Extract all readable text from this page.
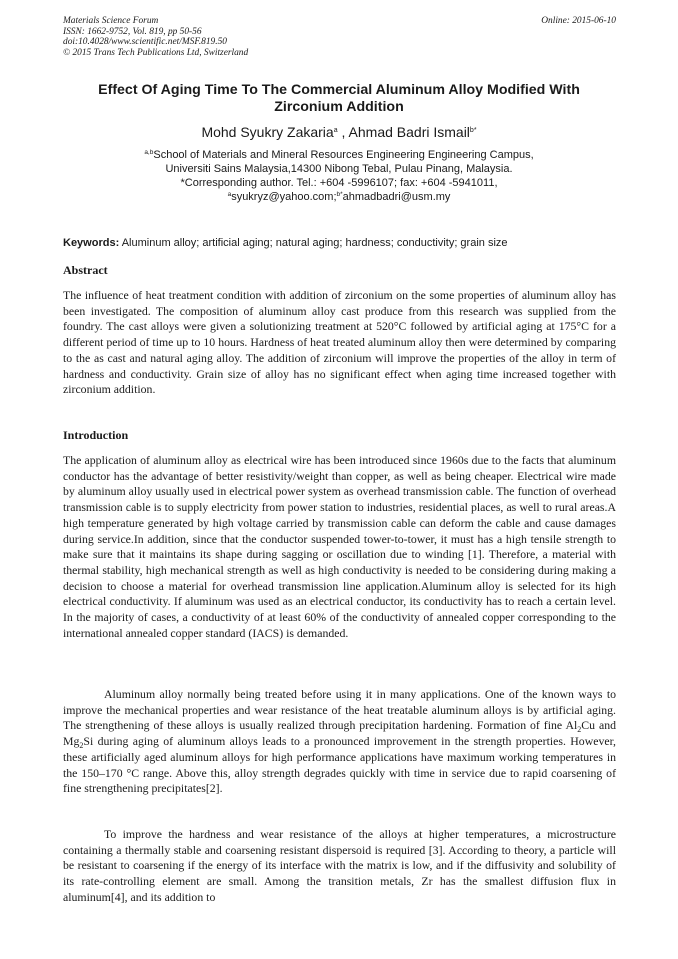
Materials Science Forum
ISSN: 1662-9752, Vol. 819, pp 50-56
doi:10.4028/www.scientific.net/MSF.819.50
© 2015 Trans Tech Publications Ltd, Switzerland
Online: 2015-06-10
Effect Of Aging Time To The Commercial Aluminum Alloy Modified With
Zirconium Addition
Mohd Syukry Zakaria$^a$ , Ahmad Badri Ismail$^{b*}$
$^{a,b}$School of Materials and Mineral Resources Engineering Engineering Campus,
Universiti Sains Malaysia,14300 Nibong Tebal, Pulau Pinang, Malaysia.
*Corresponding author. Tel.: +604 -5996107; fax: +604 -5941011,
$^a$syukryz@yahoo.com;$^{b*}$ahmadbadri@usm.my
Keywords: Aluminum alloy; artificial aging; natural aging; hardness; conductivity; grain size
Abstract

The influence of heat treatment condition with addition of zirconium on the some properties of aluminum alloy has been investigated. The composition of aluminum alloy cast produce from this research was supplied from the foundry. The cast alloys were given a solutionizing treatment at 520°C followed by artificial aging at 175°C for a different period of time up to 10 hours. Hardness of heat treated aluminum alloy then were determined by comparing to the as cast and natural aging alloy. The addition of zirconium will improve the properties of the alloy in term of hardness and conductivity. Grain size of alloy has no significant effect when aging time increased together with zirconium addition.

Introduction

The application of aluminum alloy as electrical wire has been introduced since 1960s due to the facts that aluminum conductor has the advantage of better resistivity/weight than copper, as well as being cheaper. Electrical wire made by aluminum alloy usually used in electrical power system as overhead transmission cable. The function of overhead transmission cable is to supply electricity from power station to industries, residential places, as well to rural areas.A high temperature generated by high voltage carried by transmission cable can deform the cable and cause damages during service.In addition, since that the conductor suspended tower-to-tower, it must has a high tensile strength to make sure that it maintains its shape during sagging or oscillation due to winding [1]. Therefore, a material with thermal stability, high mechanical strength as well as high conductivity is needed to be considering during making a decision to choose a material for overhead transmission line application.Aluminum alloy is selected for its high electrical conductivity. If aluminum was used as an electrical conductor, its conductivity has to reach a certain level. In the majority of cases, a conductivity of at least 60% of the conductivity of annealed copper corresponding to the international annealed copper standard (IACS) is demanded.

Aluminum alloy normally being treated before using it in many applications. One of the known ways to improve the mechanical properties and wear resistance of the heat treatable aluminum alloys is by artificial aging. The strengthening of these alloys is usually realized through precipitation hardening. Formation of fine $Al_2Cu$ and $Mg_2Si$ during aging of aluminum alloys leads to a pronounced improvement in the strength properties. However, these artificially aged aluminum alloys for high performance applications have maximum working temperatures in the 150–170 °C range. Above this, alloy strength degrades quickly with time in service due to rapid coarsening of fine strengthening precipitates[2].

To improve the hardness and wear resistance of the alloys at higher temperatures, a microstructure containing a thermally stable and coarsening resistant dispersoid is required [3]. According to theory, a particle will be resistant to coarsening if the energy of its interface with the matrix is low, and if the diffusivity and solubility of its rate-controlling element are small. Among the transition metals, Zr has the smallest diffusion flux in aluminum[4], and its addition to
